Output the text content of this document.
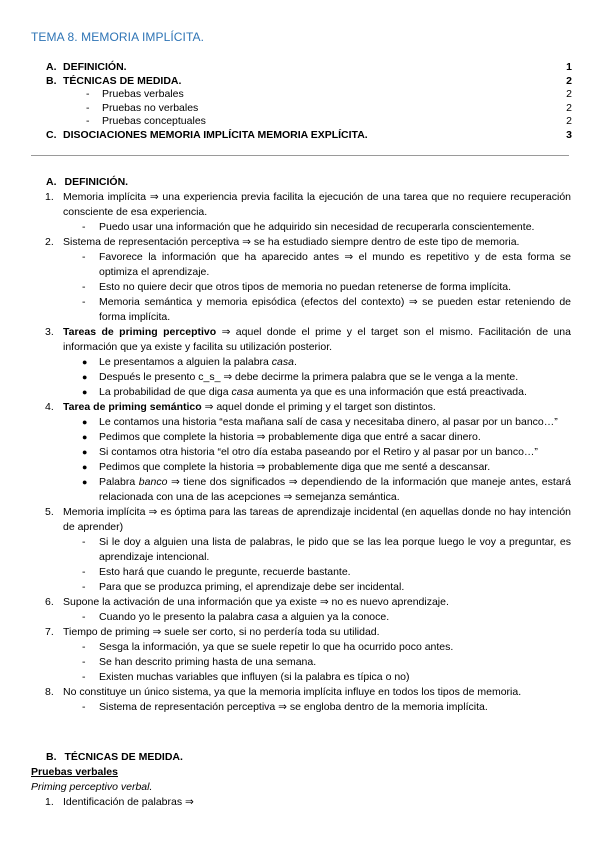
TEMA 8. MEMORIA IMPLÍCITA.
A. DEFINICIÓN.	1
B. TÉCNICAS DE MEDIDA.	2
- Pruebas verbales	2
- Pruebas no verbales	2
- Pruebas conceptuales	2
C. DISOCIACIONES MEMORIA IMPLÍCITA MEMORIA EXPLÍCITA.	3
A. DEFINICIÓN.
1. Memoria implícita ⇒ una experiencia previa facilita la ejecución de una tarea que no requiere recuperación consciente de esa experiencia.
- Puedo usar una información que he adquirido sin necesidad de recuperarla conscientemente.
2. Sistema de representación perceptiva ⇒ se ha estudiado siempre dentro de este tipo de memoria.
- Favorece la información que ha aparecido antes ⇒ el mundo es repetitivo y de esta forma se optimiza el aprendizaje.
- Esto no quiere decir que otros tipos de memoria no puedan retenerse de forma implícita.
- Memoria semántica y memoria episódica (efectos del contexto) ⇒ se pueden estar reteniendo de forma implícita.
3. Tareas de priming perceptivo ⇒ aquel donde el prime y el target son el mismo. Facilitación de una información que ya existe y facilita su utilización posterior.
● Le presentamos a alguien la palabra casa.
● Después le presento c_s_ ⇒ debe decirme la primera palabra que se le venga a la mente.
● La probabilidad de que diga casa aumenta ya que es una información que está preactivada.
4. Tarea de priming semántico ⇒ aquel donde el priming y el target son distintos.
● Le contamos una historia “esta mañana salí de casa y necesitaba dinero, al pasar por un banco…”
● Pedimos que complete la historia ⇒ probablemente diga que entré a sacar dinero.
● Si contamos otra historia “el otro día estaba paseando por el Retiro y al pasar por un banco…”
● Pedimos que complete la historia ⇒ probablemente diga que me senté a descansar.
● Palabra banco ⇒ tiene dos significados ⇒ dependiendo de la información que maneje antes, estará relacionada con una de las acepciones ⇒ semejanza semántica.
5. Memoria implícita ⇒ es óptima para las tareas de aprendizaje incidental (en aquellas donde no hay intención de aprender)
- Si le doy a alguien una lista de palabras, le pido que se las lea porque luego le voy a preguntar, es aprendizaje intencional.
- Esto hará que cuando le pregunte, recuerde bastante.
- Para que se produzca priming, el aprendizaje debe ser incidental.
6. Supone la activación de una información que ya existe ⇒ no es nuevo aprendizaje.
- Cuando yo le presento la palabra casa a alguien ya la conoce.
7. Tiempo de priming ⇒ suele ser corto, si no perdería toda su utilidad.
- Sesga la información, ya que se suele repetir lo que ha ocurrido poco antes.
- Se han descrito priming hasta de una semana.
- Existen muchas variables que influyen (si la palabra es típica o no)
8. No constituye un único sistema, ya que la memoria implícita influye en todos los tipos de memoria.
- Sistema de representación perceptiva ⇒ se engloba dentro de la memoria implícita.
B. TÉCNICAS DE MEDIDA.
Pruebas verbales
Priming perceptivo verbal.
1. Identificación de palabras ⇒
